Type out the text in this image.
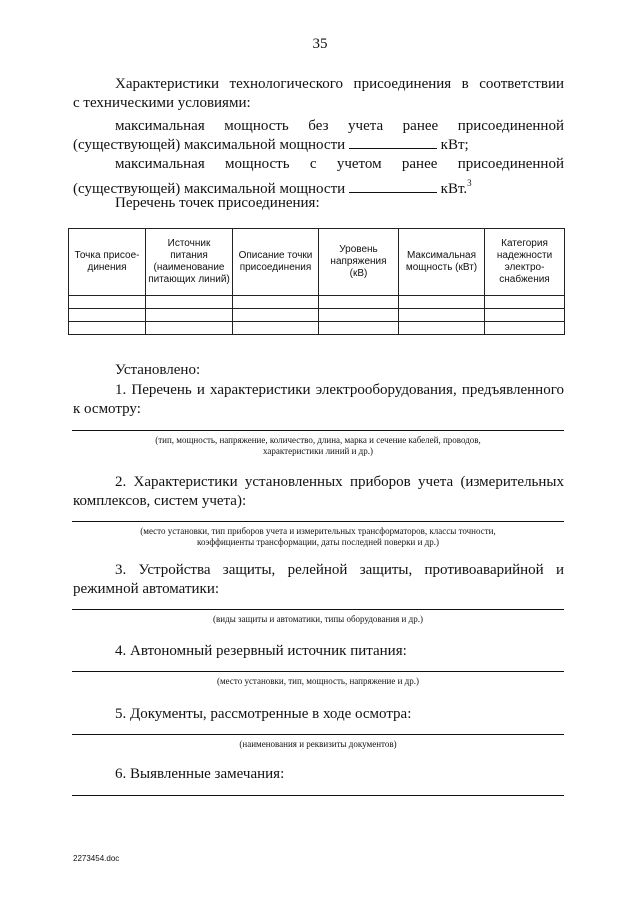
35
Характеристики технологического присоединения в соответствии
с техническими условиями:
максимальная мощность без учета ранее присоединенной
(существующей) максимальной мощности	кВт;
максимальная мощность с учетом ранее присоединенной
(существующей) максимальной мощности	кВт.$^3$
Перечень точек присоединения:
Точка присое-динения	Источник питания (наименование питающих линий)	Описание точки присоединения	Уровень напряжения (кВ)	Максимальная мощность (кВт)	Категория надежности электро-снабжения

Установлено:
1. Перечень и характеристики электрооборудования, предъявленного
к осмотру:
(тип, мощность, напряжение, количество, длина, марка и сечение кабелей, проводов,
характеристики линий и др.)
2. Характеристики установленных приборов учета (измерительных
комплексов, систем учета):
(место установки, тип приборов учета и измерительных трансформаторов, классы точности,
коэффициенты трансформации, даты последней поверки и др.)
3. Устройства защиты, релейной защиты, противоаварийной и
режимной автоматики:
(виды защиты и автоматики, типы оборудования и др.)
4. Автономный резервный источник питания:
(место установки, тип, мощность, напряжение и др.)
5. Документы, рассмотренные в ходе осмотра:
(наименования и реквизиты документов)
6. Выявленные замечания:
2273454.doc
